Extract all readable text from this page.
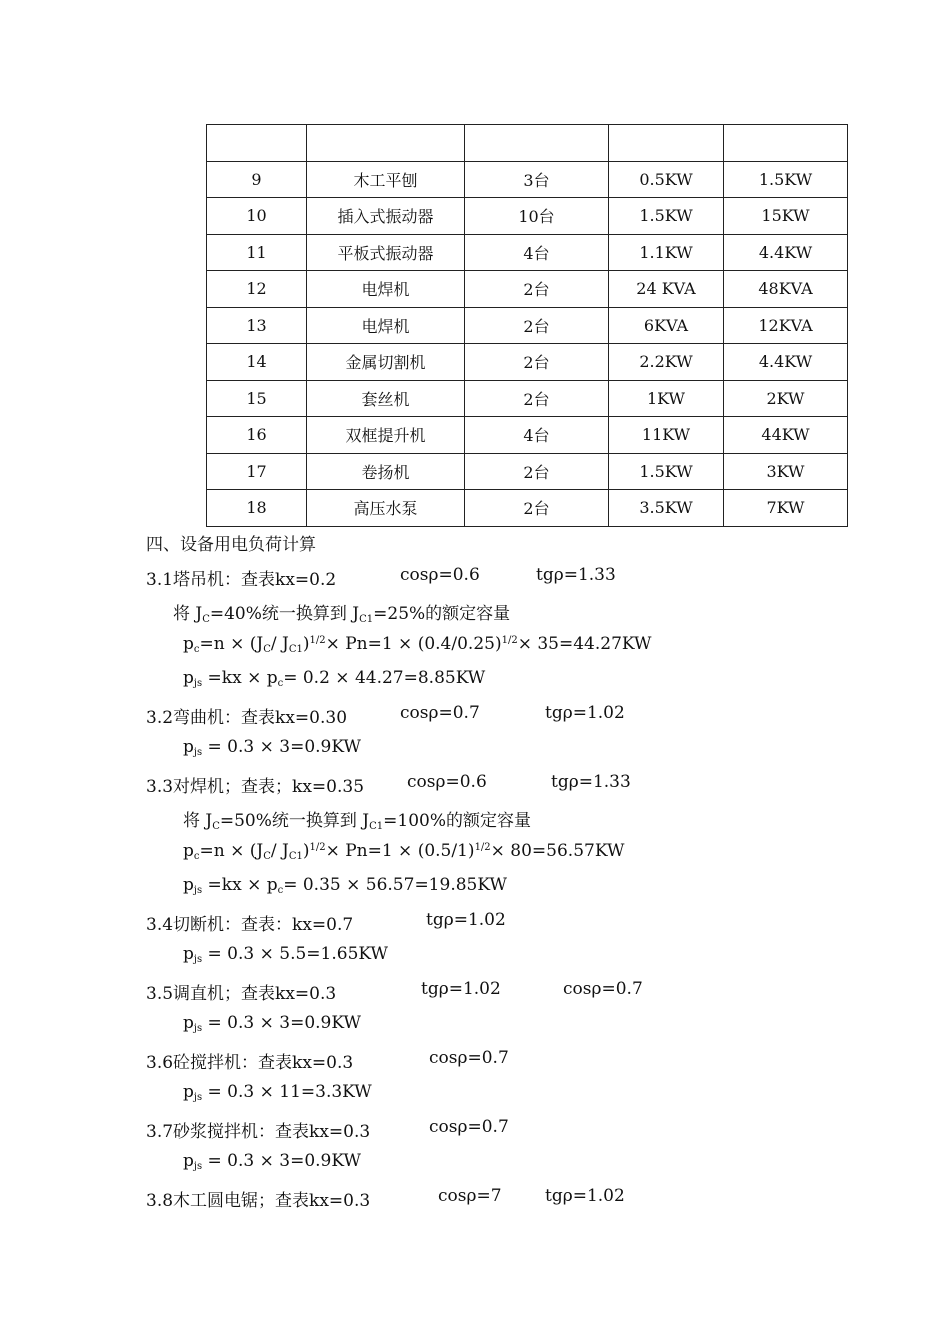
9	木工平刨	3台	0.5KW	1.5KW
10	插入式振动器	10台	1.5KW	15KW
11	平板式振动器	4台	1.1KW	4.4KW
12	电焊机	2台	24 KVA	48KVA
13	电焊机	2台	6KVA	12KVA
14	金属切割机	2台	2.2KW	4.4KW
15	套丝机	2台	1KW	2KW
16	双框提升机	4台	11KW	44KW
17	卷扬机	2台	1.5KW	3KW
18	高压水泵	2台	3.5KW	7KW
四、设备用电负荷计算
3.1塔吊机：查表kx=0.2	cosρ=0.6	tgρ=1.33
将 $J_C=40\%$统一换算到 $J_{C1}=25\%$的额定容量
$p_c=n \times (J_C/$ $J_{C1})^{1/2}\times Pn=1 \times (0.4/0.25)^{1/2}\times 35=44.27KW$
$p_{js} =kx \times p_c= 0.2 \times 44.27=8.85KW$
3.2弯曲机：查表kx=0.30	cosρ=0.7	tgρ=1.02
$p_{js} = 0.3 \times 3=0.9KW$
3.3对焊机；查表；kx=0.35	cosρ=0.6	tgρ=1.33
将 $J_C=50\%$统一换算到 $J_{C1}=100\%$的额定容量
$p_c=n \times (J_C/$ $J_{C1})^{1/2}\times Pn=1 \times (0.5/1)^{1/2}\times 80=56.57KW$
$p_{js} =kx \times p_c= 0.35 \times 56.57=19.85KW$
3.4切断机：查表：kx=0.7	tgρ=1.02
$p_{js} = 0.3 \times 5.5=1.65KW$
3.5调直机；查表kx=0.3	tgρ=1.02	cosρ=0.7
$p_{js} = 0.3 \times 3=0.9KW$
3.6砼搅拌机：查表kx=0.3	cosρ=0.7
$p_{js} = 0.3 \times 11=3.3KW$
3.7砂浆搅拌机：查表kx=0.3	cosρ=0.7
$p_{js} = 0.3 \times 3=0.9KW$
3.8木工圆电锯；查表kx=0.3	cosρ=7	tgρ=1.02
